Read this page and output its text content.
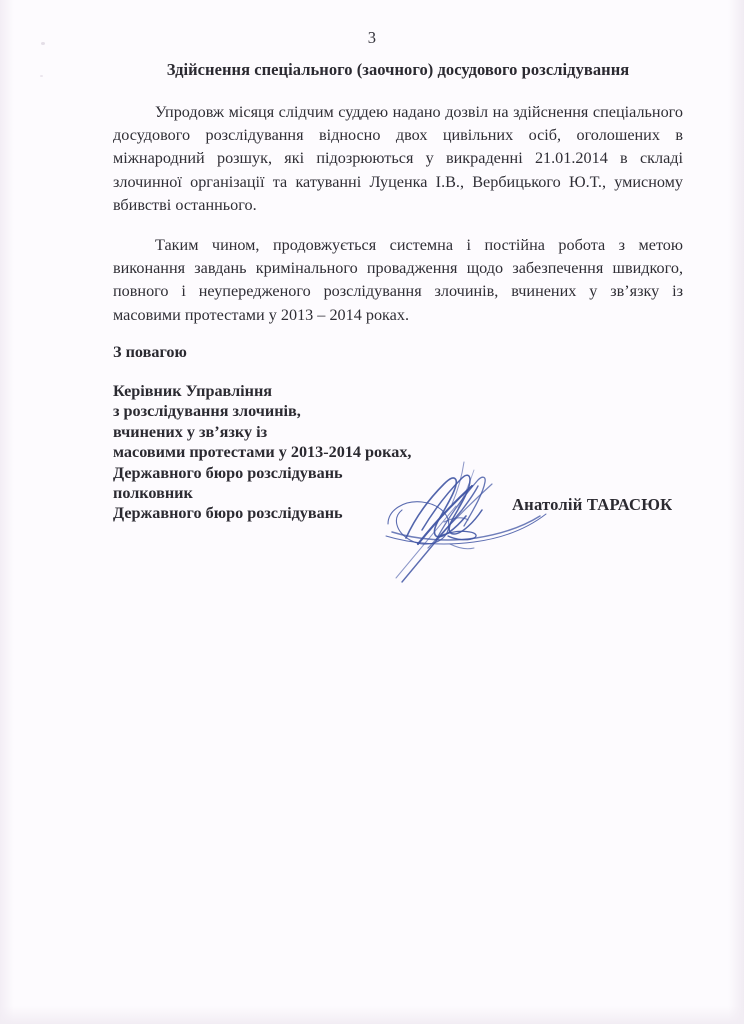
3
Здійснення спеціального (заочного) досудового розслідування

Упродовж місяця слідчим суддею надано дозвіл на здійснення спеціального досудового розслідування відносно двох цивільних осіб, оголошених в міжнародний розшук, які підозрюються у викраденні 21.01.2014 в складі злочинної організації та катуванні Луценка І.В., Вербицького Ю.Т., умисному вбивстві останнього.

Таким чином, продовжується системна і постійна робота з метою виконання завдань кримінального провадження щодо забезпечення швидкого, повного і неупередженого розслідування злочинів, вчинених у зв’язку із масовими протестами у 2013 – 2014 роках.

З повагою
Керівник Управління
з розслідування злочинів,
вчинених у зв’язку із
масовими протестами у 2013-2014 роках,
Державного бюро розслідувань
полковник
Державного бюро розслідувань	Анатолій ТАРАСЮК
